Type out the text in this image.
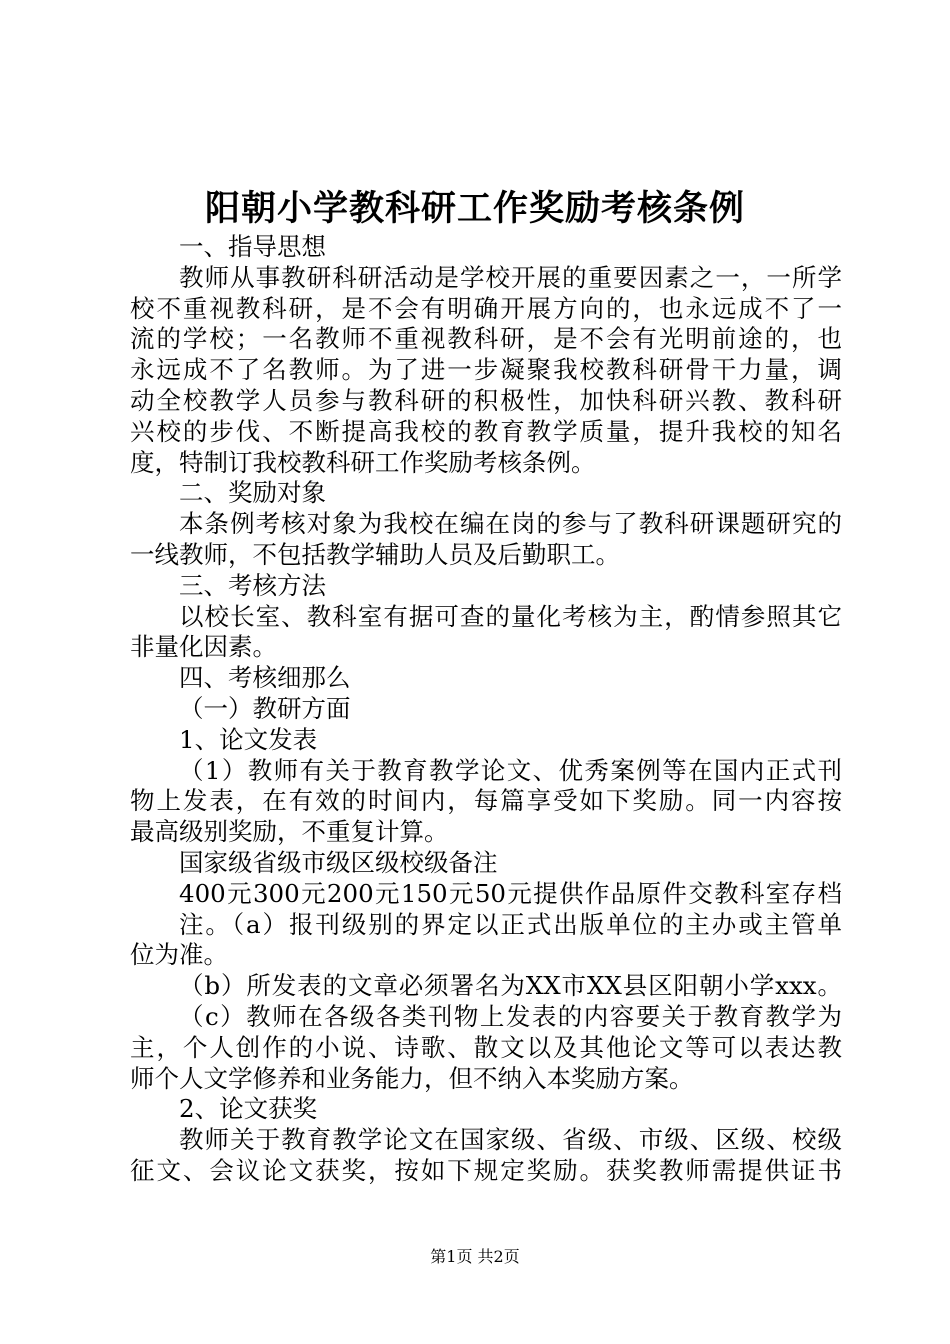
阳朝小学教科研工作奖励考核条例
一、指导思想
教师从事教研科研活动是学校开展的重要因素之一，一所学
校不重视教科研，是不会有明确开展方向的，也永远成不了一
流的学校；一名教师不重视教科研，是不会有光明前途的，也
永远成不了名教师。为了进一步凝聚我校教科研骨干力量，调
动全校教学人员参与教科研的积极性，加快科研兴教、教科研
兴校的步伐、不断提高我校的教育教学质量，提升我校的知名
度，特制订我校教科研工作奖励考核条例。
二、奖励对象
本条例考核对象为我校在编在岗的参与了教科研课题研究的
一线教师，不包括教学辅助人员及后勤职工。
三、考核方法
以校长室、教科室有据可查的量化考核为主，酌情参照其它
非量化因素。
四、考核细那么
（一）教研方面
1、论文发表
（1）教师有关于教育教学论文、优秀案例等在国内正式刊
物上发表，在有效的时间内，每篇享受如下奖励。同一内容按
最高级别奖励，不重复计算。
国家级省级市级区级校级备注
400元300元200元150元50元提供作品原件交教科室存档
注。（a）报刊级别的界定以正式出版单位的主办或主管单
位为准。
（b）所发表的文章必须署名为XX市XX县区阳朝小学xxx。
（c）教师在各级各类刊物上发表的内容要关于教育教学为
主，个人创作的小说、诗歌、散文以及其他论文等可以表达教
师个人文学修养和业务能力，但不纳入本奖励方案。
2、论文获奖
教师关于教育教学论文在国家级、省级、市级、区级、校级
征文、会议论文获奖，按如下规定奖励。获奖教师需提供证书
第1页 共2页
